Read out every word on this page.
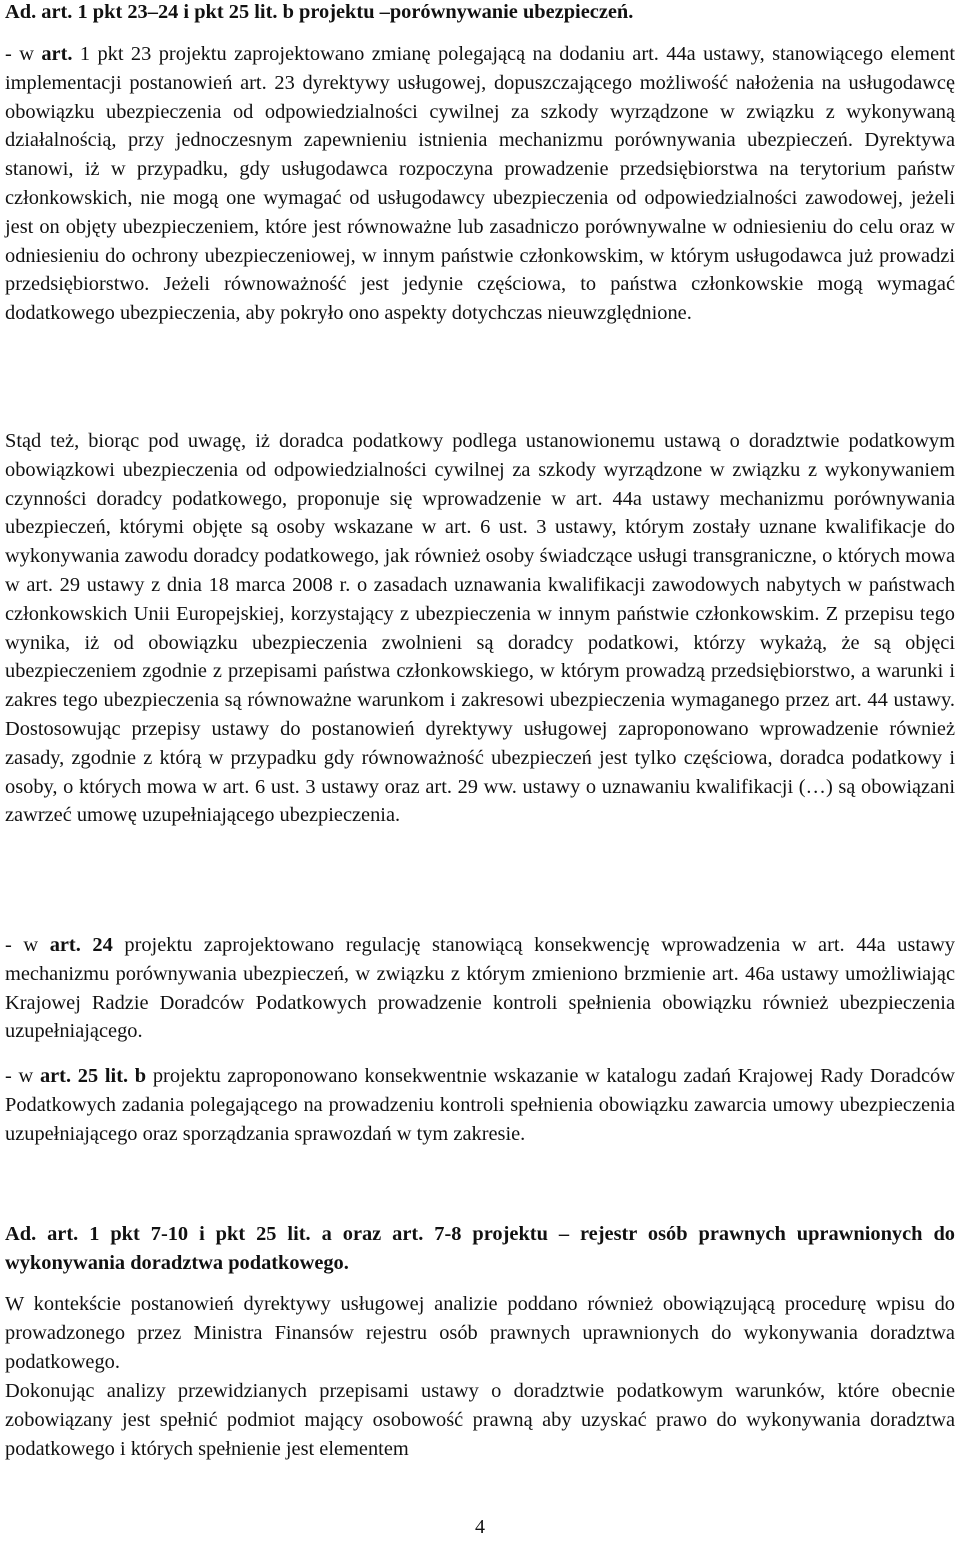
Ad. art. 1 pkt 23–24 i pkt 25 lit. b projektu –porównywanie ubezpieczeń.

- w art. 1 pkt 23 projektu zaprojektowano zmianę polegającą na dodaniu art. 44a ustawy, stanowiącego element implementacji postanowień art. 23 dyrektywy usługowej, dopuszczającego możliwość nałożenia na usługodawcę obowiązku ubezpieczenia od odpowiedzialności cywilnej za szkody wyrządzone w związku z wykonywaną działalnością, przy jednoczesnym zapewnieniu istnienia mechanizmu porównywania ubezpieczeń. Dyrektywa stanowi, iż w przypadku, gdy usługodawca rozpoczyna prowadzenie przedsiębiorstwa na terytorium państw członkowskich, nie mogą one wymagać od usługodawcy ubezpieczenia od odpowiedzialności zawodowej, jeżeli jest on objęty ubezpieczeniem, które jest równoważne lub zasadniczo porównywalne w odniesieniu do celu oraz w odniesieniu do ochrony ubezpieczeniowej, w innym państwie członkowskim, w którym usługodawca już prowadzi przedsiębiorstwo. Jeżeli równoważność jest jedynie częściowa, to państwa członkowskie mogą wymagać dodatkowego ubezpieczenia, aby pokryło ono aspekty dotychczas nieuwzględnione.

Stąd też, biorąc pod uwagę, iż doradca podatkowy podlega ustanowionemu ustawą o doradztwie podatkowym obowiązkowi ubezpieczenia od odpowiedzialności cywilnej za szkody wyrządzone w związku z wykonywaniem czynności doradcy podatkowego, proponuje się wprowadzenie w art. 44a ustawy mechanizmu porównywania ubezpieczeń, którymi objęte są osoby wskazane w art. 6 ust. 3 ustawy, którym zostały uznane kwalifikacje do wykonywania zawodu doradcy podatkowego, jak również osoby świadczące usługi transgraniczne, o których mowa w art. 29 ustawy z dnia 18 marca 2008 r. o zasadach uznawania kwalifikacji zawodowych nabytych w państwach członkowskich Unii Europejskiej, korzystający z ubezpieczenia w innym państwie członkowskim. Z przepisu tego wynika, iż od obowiązku ubezpieczenia zwolnieni są doradcy podatkowi, którzy wykażą, że są objęci ubezpieczeniem zgodnie z przepisami państwa członkowskiego, w którym prowadzą przedsiębiorstwo, a warunki i zakres tego ubezpieczenia są równoważne warunkom i zakresowi ubezpieczenia wymaganego przez art. 44 ustawy. Dostosowując przepisy ustawy do postanowień dyrektywy usługowej zaproponowano wprowadzenie również zasady, zgodnie z którą w przypadku gdy równoważność ubezpieczeń jest tylko częściowa, doradca podatkowy i osoby, o których mowa w art. 6 ust. 3 ustawy oraz art. 29 ww. ustawy o uznawaniu kwalifikacji (…) są obowiązani zawrzeć umowę uzupełniającego ubezpieczenia.

- w art. 24 projektu zaprojektowano regulację stanowiącą konsekwencję wprowadzenia w art. 44a ustawy mechanizmu porównywania ubezpieczeń, w związku z którym zmieniono brzmienie art. 46a ustawy umożliwiając Krajowej Radzie Doradców Podatkowych prowadzenie kontroli spełnienia obowiązku również ubezpieczenia uzupełniającego.

- w art. 25 lit. b projektu zaproponowano konsekwentnie wskazanie w katalogu zadań Krajowej Rady Doradców Podatkowych zadania polegającego na prowadzeniu kontroli spełnienia obowiązku zawarcia umowy ubezpieczenia uzupełniającego oraz sporządzania sprawozdań w tym zakresie.

Ad. art. 1 pkt 7-10 i pkt 25 lit. a oraz art. 7-8 projektu – rejestr osób prawnych uprawnionych do wykonywania doradztwa podatkowego.

W kontekście postanowień dyrektywy usługowej analizie poddano również obowiązującą procedurę wpisu do prowadzonego przez Ministra Finansów rejestru osób prawnych uprawnionych do wykonywania doradztwa podatkowego.

Dokonując analizy przewidzianych przepisami ustawy o doradztwie podatkowym warunków, które obecnie zobowiązany jest spełnić podmiot mający osobowość prawną aby uzyskać prawo do wykonywania doradztwa podatkowego i których spełnienie jest elementem

4
